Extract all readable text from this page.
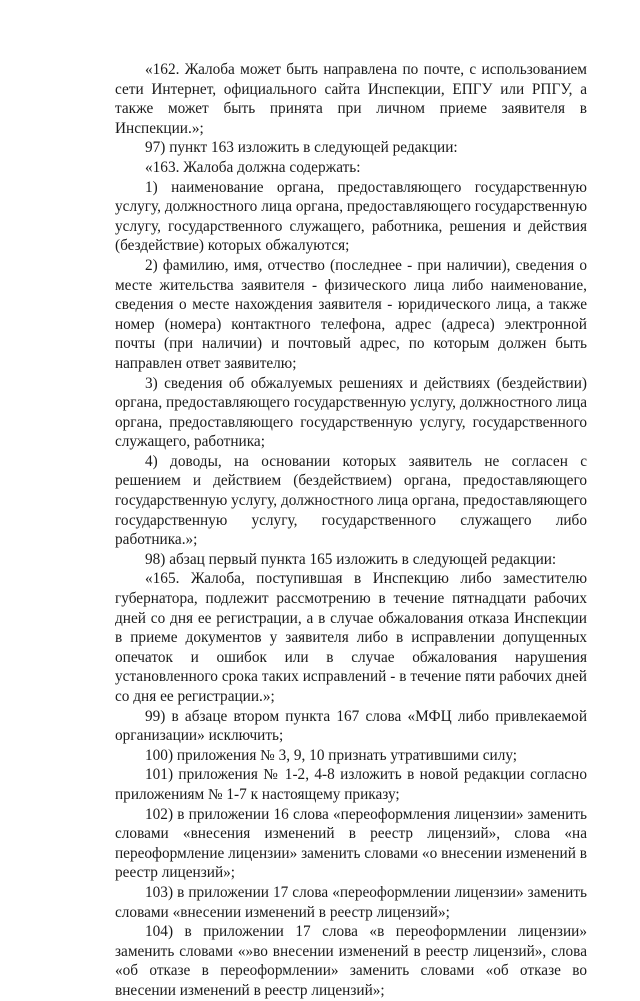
«162. Жалоба может быть направлена по почте, с использованием сети Интернет, официального сайта Инспекции, ЕПГУ или РПГУ, а также может быть принята при личном приеме заявителя в Инспекции.»;

97) пункт 163 изложить в следующей редакции:

«163. Жалоба должна содержать:

1) наименование органа, предоставляющего государственную услугу, должностного лица органа, предоставляющего государственную услугу, государственного служащего, работника, решения и действия (бездействие) которых обжалуются;

2) фамилию, имя, отчество (последнее - при наличии), сведения о месте жительства заявителя - физического лица либо наименование, сведения о месте нахождения заявителя - юридического лица, а также номер (номера) контактного телефона, адрес (адреса) электронной почты (при наличии) и почтовый адрес, по которым должен быть направлен ответ заявителю;

3) сведения об обжалуемых решениях и действиях (бездействии) органа, предоставляющего государственную услугу, должностного лица органа, предоставляющего государственную услугу, государственного служащего, работника;

4) доводы, на основании которых заявитель не согласен с решением и действием (бездействием) органа, предоставляющего государственную услугу, должностного лица органа, предоставляющего государственную услугу, государственного служащего либо работника.»;

98) абзац первый пункта 165 изложить в следующей редакции:

«165. Жалоба, поступившая в Инспекцию либо заместителю губернатора, подлежит рассмотрению в течение пятнадцати рабочих дней со дня ее регистрации, а в случае обжалования отказа Инспекции в приеме документов у заявителя либо в исправлении допущенных опечаток и ошибок или в случае обжалования нарушения установленного срока таких исправлений - в течение пяти рабочих дней со дня ее регистрации.»;

99) в абзаце втором пункта 167 слова «МФЦ либо привлекаемой организации» исключить;

100) приложения № 3, 9, 10 признать утратившими силу;

101) приложения № 1-2, 4-8 изложить в новой редакции согласно приложениям № 1-7 к настоящему приказу;

102) в приложении 16 слова «переоформления лицензии» заменить словами «внесения изменений в реестр лицензий», слова «на переоформление лицензии» заменить словами «о внесении изменений в реестр лицензий»;

103) в приложении 17 слова «переоформлении лицензии» заменить словами «внесении изменений в реестр лицензий»;

104) в приложении 17 слова «в переоформлении лицензии» заменить словами «»во внесении изменений в реестр лицензий», слова «об отказе в переоформлении» заменить словами «об отказе во внесении изменений в реестр лицензий»;
